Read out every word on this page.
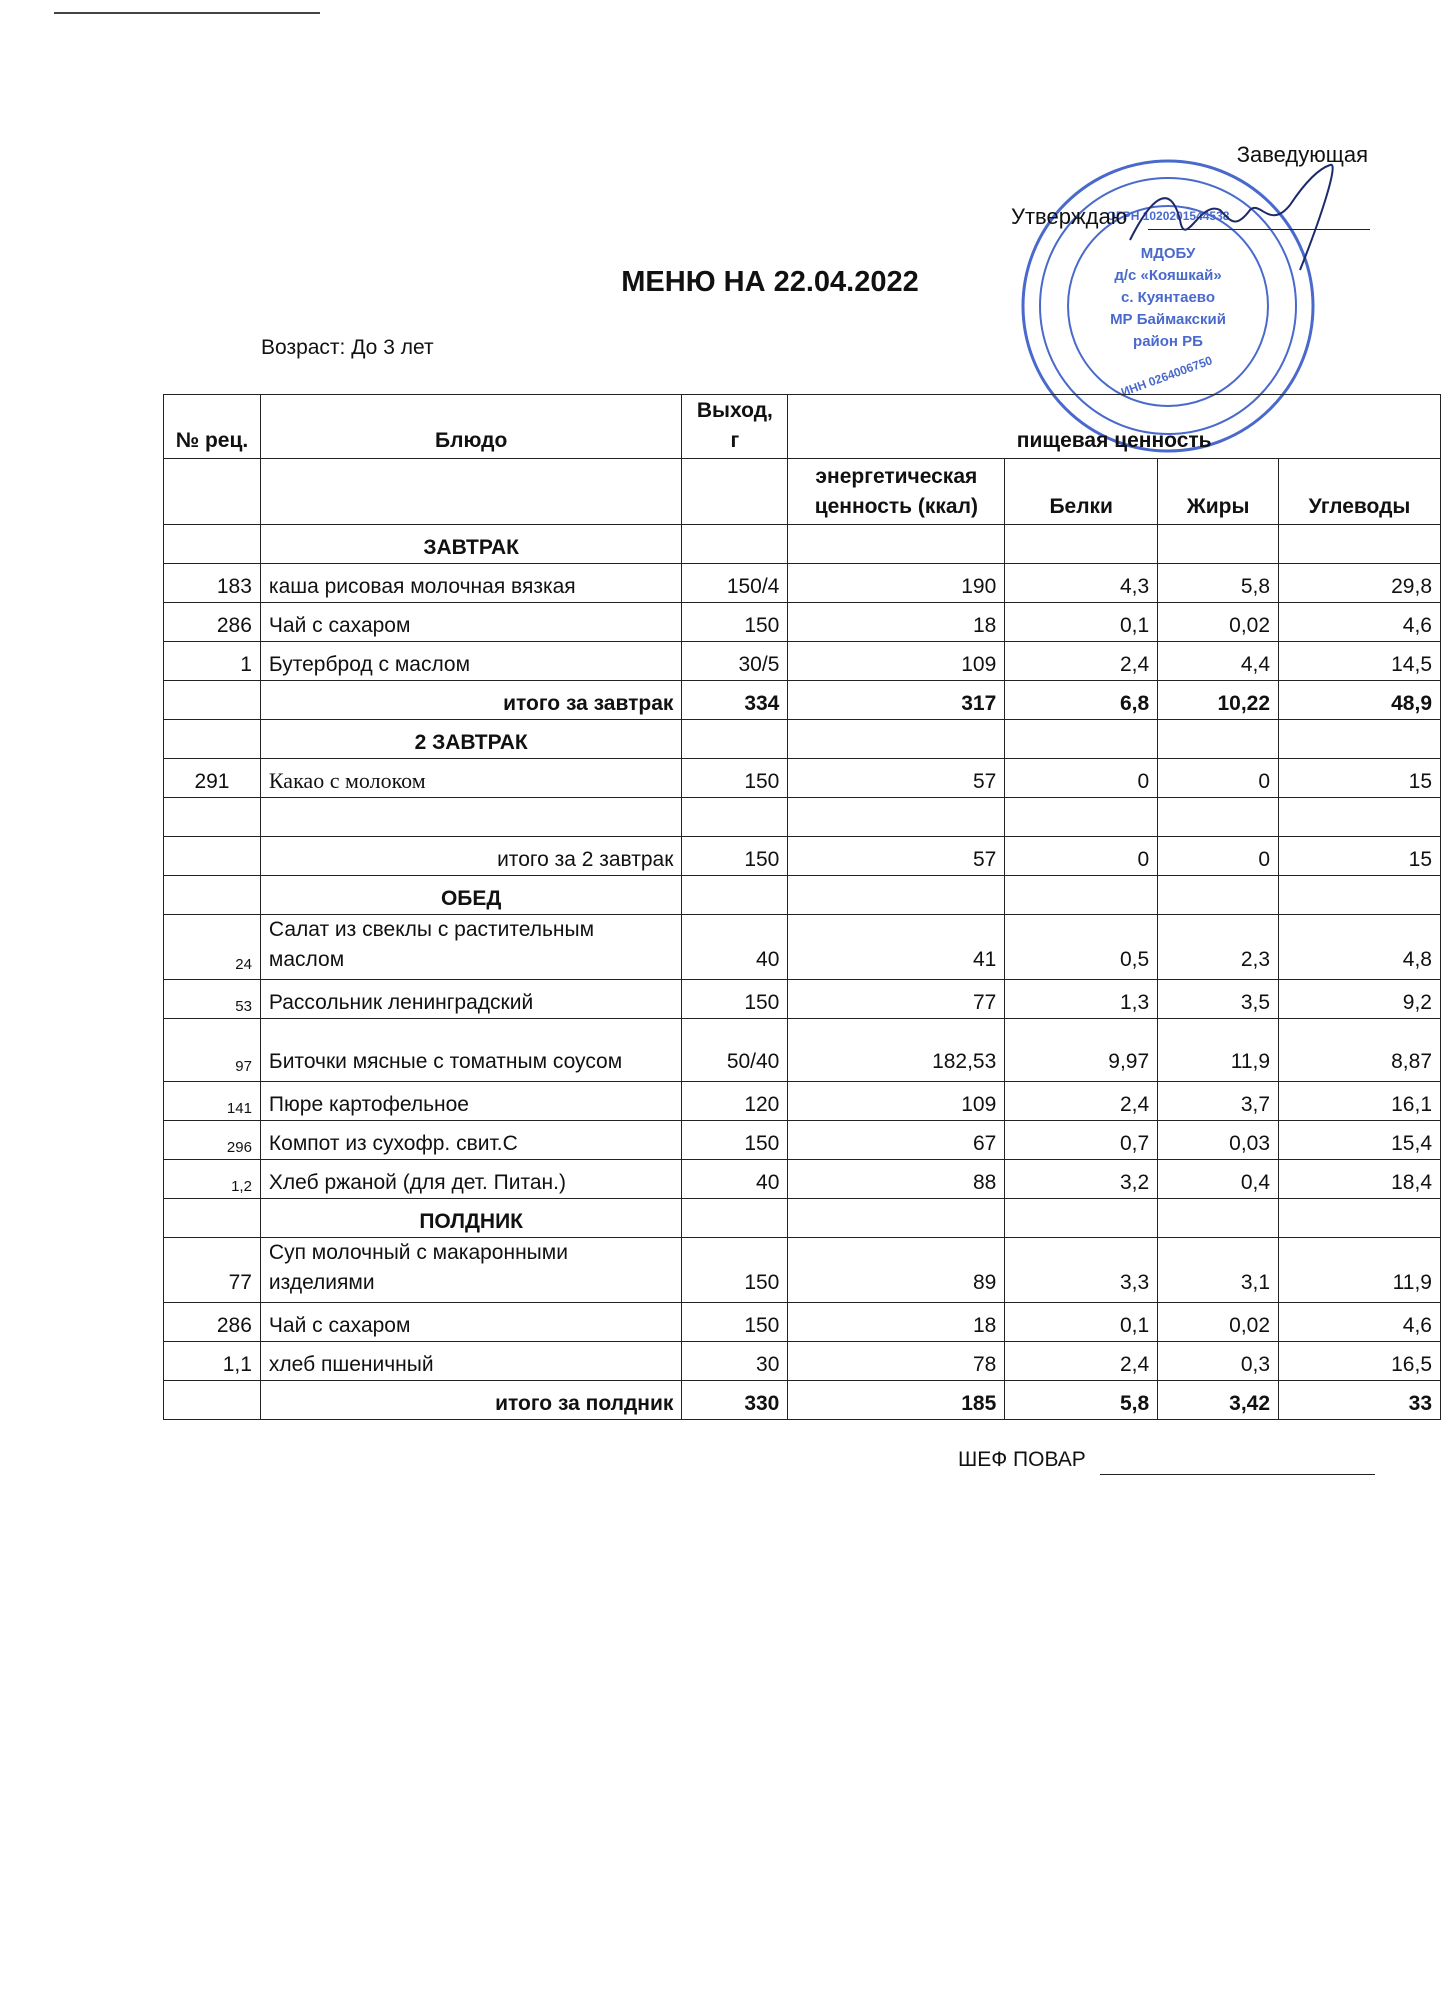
МДОБУ
д/с «Кояшкай»
с. Куянтаево
МР Баймакский
район РБ
ИНН 0264006750
ОГРН 1020201544538
Заведующая
Утверждаю
МЕНЮ НА 22.04.2022
Возраст: До 3 лет
№ рец.	Блюдо	Выход, г	пищевая ценность			
			энергетическая ценность (ккал)	Белки	Жиры	Углеводы
	ЗАВТРАК					
183	каша рисовая молочная вязкая	150/4	190	4,3	5,8	29,8
286	Чай с сахаром	150	18	0,1	0,02	4,6
1	Бутерброд с маслом	30/5	109	2,4	4,4	14,5
	итого за завтрак	334	317	6,8	10,22	48,9
	2 ЗАВТРАК					
291	Какао с молоком	150	57	0	0	15

	итого за 2 завтрак	150	57	0	0	15
	ОБЕД					
24	Салат из свеклы с растительным маслом	40	41	0,5	2,3	4,8
53	Рассольник ленинградский	150	77	1,3	3,5	9,2
97	Биточки мясные с томатным соусом	50/40	182,53	9,97	11,9	8,87
141	Пюре картофельное	120	109	2,4	3,7	16,1
296	Компот из сухофр. свит.С	150	67	0,7	0,03	15,4
1,2	Хлеб ржаной (для дет. Питан.)	40	88	3,2	0,4	18,4
	ПОЛДНИК					
77	Суп молочный с макаронными изделиями	150	89	3,3	3,1	11,9
286	Чай с сахаром	150	18	0,1	0,02	4,6
1,1	хлеб пшеничный	30	78	2,4	0,3	16,5
	итого за полдник	330	185	5,8	3,42	33
ШЕФ ПОВАР
